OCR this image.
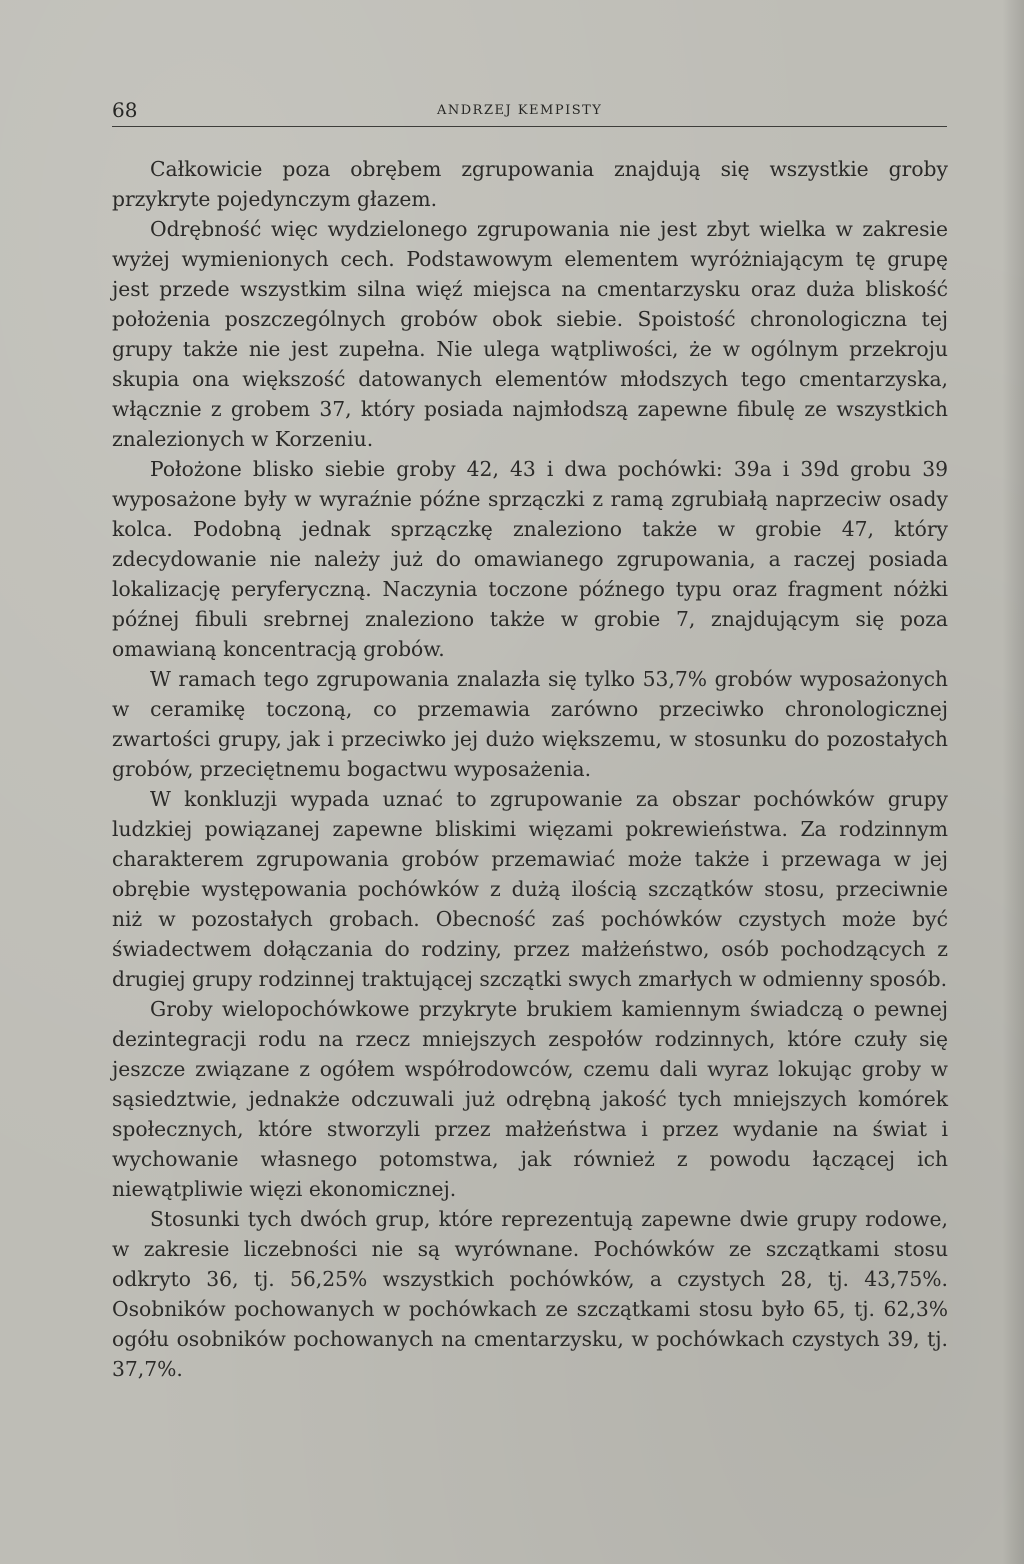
68	ANDRZEJ KEMPISTY

Całkowicie poza obrębem zgrupowania znajdują się wszystkie groby przykryte pojedynczym głazem.

Odrębność więc wydzielonego zgrupowania nie jest zbyt wielka w zakresie wyżej wymienionych cech. Podstawowym elementem wyróżniającym tę grupę jest przede wszystkim silna więź miejsca na cmentarzysku oraz duża bliskość położenia poszczególnych grobów obok siebie. Spoistość chronologiczna tej grupy także nie jest zupełna. Nie ulega wątpliwości, że w ogólnym przekroju skupia ona większość datowanych elementów młodszych tego cmentarzyska, włącznie z grobem 37, który posiada najmłodszą zapewne fibulę ze wszystkich znalezionych w Korzeniu.

Położone blisko siebie groby 42, 43 i dwa pochówki: 39a i 39d grobu 39 wyposażone były w wyraźnie późne sprzączki z ramą zgrubiałą naprzeciw osady kolca. Podobną jednak sprzączkę znaleziono także w grobie 47, który zdecydowanie nie należy już do omawianego zgrupowania, a raczej posiada lokalizację peryferyczną. Naczynia toczone późnego typu oraz fragment nóżki późnej fibuli srebrnej znaleziono także w grobie 7, znajdującym się poza omawianą koncentracją grobów.

W ramach tego zgrupowania znalazła się tylko 53,7% grobów wyposażonych w ceramikę toczoną, co przemawia zarówno przeciwko chronologicznej zwartości grupy, jak i przeciwko jej dużo większemu, w stosunku do pozostałych grobów, przeciętnemu bogactwu wyposażenia.

W konkluzji wypada uznać to zgrupowanie za obszar pochówków grupy ludzkiej powiązanej zapewne bliskimi więzami pokrewieństwa. Za rodzinnym charakterem zgrupowania grobów przemawiać może także i przewaga w jej obrębie występowania pochówków z dużą ilością szczątków stosu, przeciwnie niż w pozostałych grobach. Obecność zaś pochówków czystych może być świadectwem dołączania do rodziny, przez małżeństwo, osób pochodzących z drugiej grupy rodzinnej traktującej szczątki swych zmarłych w odmienny sposób.

Groby wielopochówkowe przykryte brukiem kamiennym świadczą o pewnej dezintegracji rodu na rzecz mniejszych zespołów rodzinnych, które czuły się jeszcze związane z ogółem współrodowców, czemu dali wyraz lokując groby w sąsiedztwie, jednakże odczuwali już odrębną jakość tych mniejszych komórek społecznych, które stworzyli przez małżeństwa i przez wydanie na świat i wychowanie własnego potomstwa, jak również z powodu łączącej ich niewątpliwie więzi ekonomicznej.

Stosunki tych dwóch grup, które reprezentują zapewne dwie grupy rodowe, w zakresie liczebności nie są wyrównane. Pochówków ze szczątkami stosu odkryto 36, tj. 56,25% wszystkich pochówków, a czystych 28, tj. 43,75%. Osobników pochowanych w pochówkach ze szczątkami stosu było 65, tj. 62,3% ogółu osobników pochowanych na cmentarzysku, w pochówkach czystych 39, tj. 37,7%.
